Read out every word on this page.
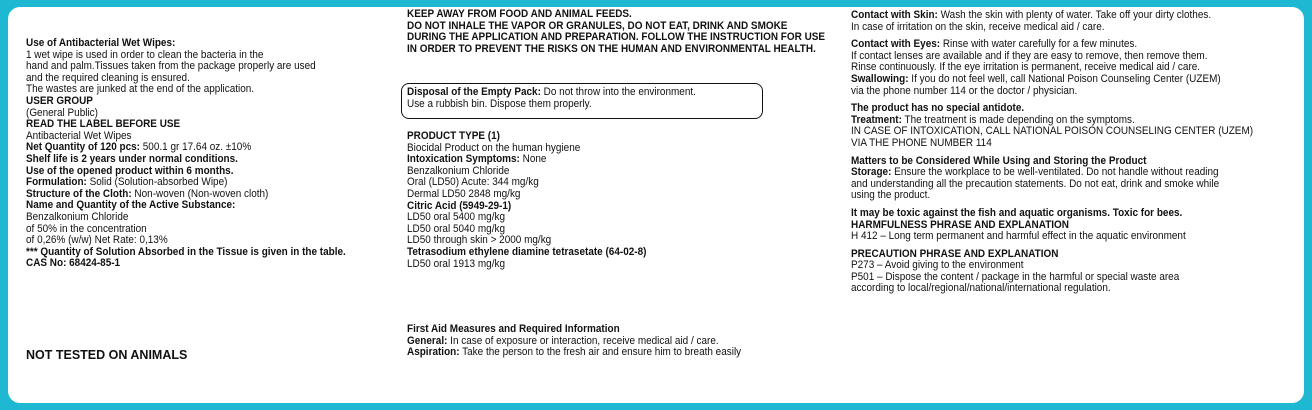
Use of Antibacterial Wet Wipes:
1 wet wipe is used in order to clean the bacteria in the
hand and palm.Tissues taken from the package properly are used
and the required cleaning is ensured.
The wastes are junked at the end of the application.
USER GROUP
(General Public)
READ THE LABEL BEFORE USE
Antibacterial Wet Wipes
Net Quantity of 120 pcs: 500.1 gr 17.64 oz. ±10%
Shelf life is 2 years under normal conditions.
Use of the opened product within 6 months.
Formulation: Solid (Solution-absorbed Wipe)
Structure of the Cloth: Non-woven (Non-woven cloth)
Name and Quantity of the Active Substance:
Benzalkonium Chloride
of 50% in the concentration
of 0,26% (w/w) Net Rate: 0,13%
*** Quantity of Solution Absorbed in the Tissue is given in the table.
CAS No: 68424-85-1
NOT TESTED ON ANIMALS
KEEP AWAY FROM FOOD AND ANIMAL FEEDS.
DO NOT INHALE THE VAPOR OR GRANULES, DO NOT EAT, DRINK AND SMOKE
DURING THE APPLICATION AND PREPARATION. FOLLOW THE INSTRUCTION FOR USE
IN ORDER TO PREVENT THE RISKS ON THE HUMAN AND ENVIRONMENTAL HEALTH.
Disposal of the Empty Pack: Do not throw into the environment.
Use a rubbish bin. Dispose them properly.
PRODUCT TYPE (1)
Biocidal Product on the human hygiene
Intoxication Symptoms: None
Benzalkonium Chloride
Oral (LD50) Acute: 344 mg/kg
Dermal LD50 2848 mg/kg
Citric Acid (5949-29-1)
LD50 oral 5400 mg/kg
LD50 oral 5040 mg/kg
LD50 through skin > 2000 mg/kg
Tetrasodium ethylene diamine tetrasetate (64-02-8)
LD50 oral 1913 mg/kg
First Aid Measures and Required Information
General: In case of exposure or interaction, receive medical aid / care.
Aspiration: Take the person to the fresh air and ensure him to breath easily
Contact with Skin: Wash the skin with plenty of water. Take off your dirty clothes.
In case of irritation on the skin, receive medical aid / care.
Contact with Eyes: Rinse with water carefully for a few minutes.
If contact lenses are available and if they are easy to remove, then remove them.
Rinse continuously. If the eye irritation is permanent, receive medical aid / care.
Swallowing: If you do not feel well, call National Poison Counseling Center (UZEM)
via the phone number 114 or the doctor / physician.
The product has no special antidote.
Treatment: The treatment is made depending on the symptoms.
IN CASE OF INTOXICATION, CALL NATIONAL POISON COUNSELING CENTER (UZEM)
VIA THE PHONE NUMBER 114
Matters to be Considered While Using and Storing the Product
Storage: Ensure the workplace to be well-ventilated. Do not handle without reading
and understanding all the precaution statements. Do not eat, drink and smoke while
using the product.
It may be toxic against the fish and aquatic organisms. Toxic for bees.
HARMFULNESS PHRASE AND EXPLANATION
H 412 – Long term permanent and harmful effect in the aquatic environment
PRECAUTION PHRASE AND EXPLANATION
P273 – Avoid giving to the environment
P501 – Dispose the content / package in the harmful or special waste area
according to local/regional/national/international regulation.
